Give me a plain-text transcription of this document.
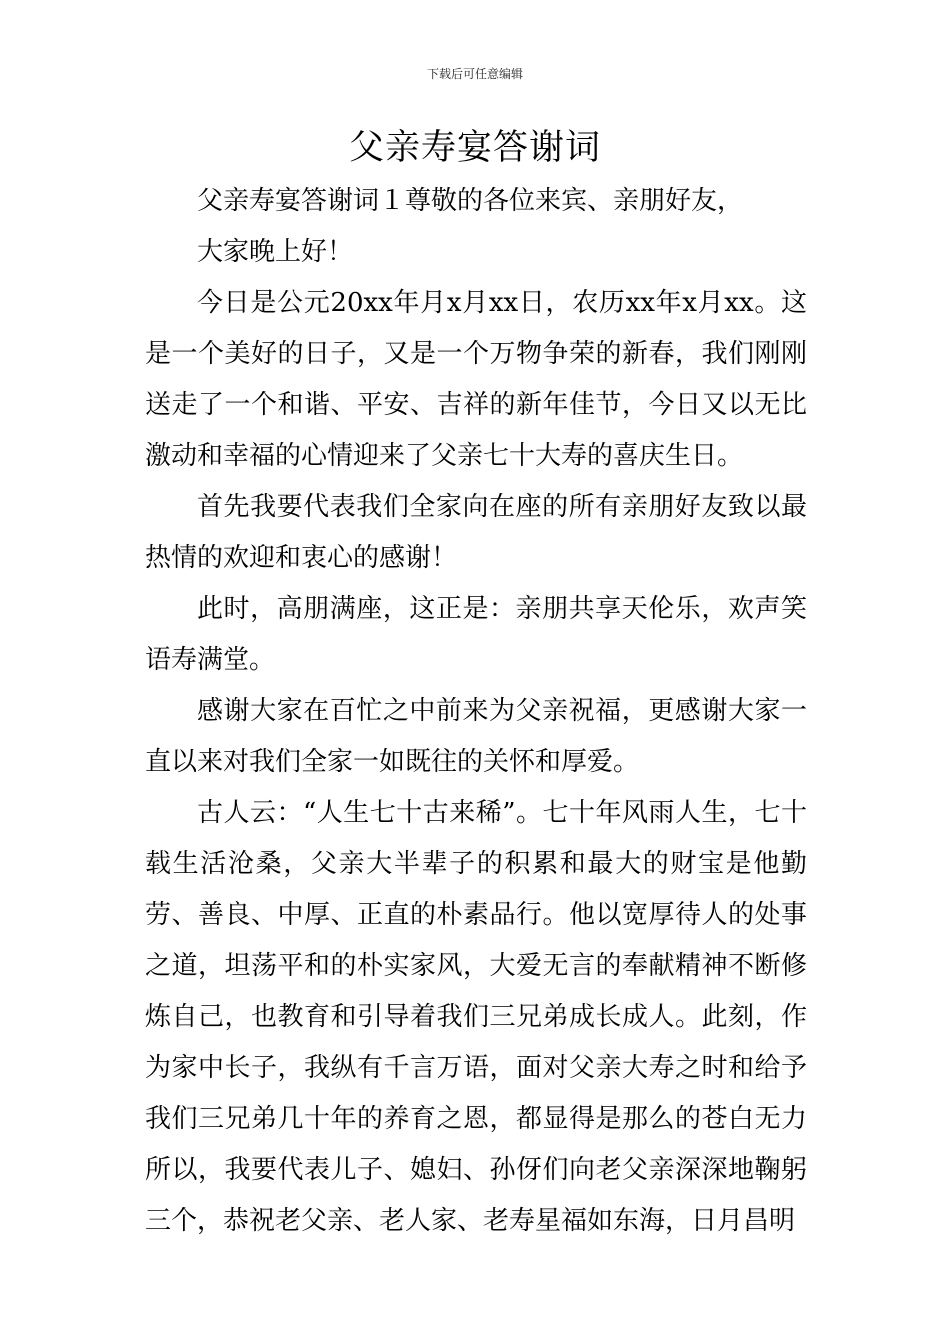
下载后可任意编辑
父亲寿宴答谢词

父亲寿宴答谢词１尊敬的各位来宾、亲朋好友，

大家晚上好！

今日是公元20xx年月x月xx日，农历xx年x月xx。这是一个美好的日子，又是一个万物争荣的新春，我们刚刚送走了一个和谐、平安、吉祥的新年佳节，今日又以无比激动和幸福的心情迎来了父亲七十大寿的喜庆生日。

首先我要代表我们全家向在座的所有亲朋好友致以最热情的欢迎和衷心的感谢！

此时，高朋满座，这正是：亲朋共享天伦乐，欢声笑语寿满堂。

感谢大家在百忙之中前来为父亲祝福，更感谢大家一直以来对我们全家一如既往的关怀和厚爱。

古人云：“人生七十古来稀”。七十年风雨人生，七十载生活沧桑，父亲大半辈子的积累和最大的财宝是他勤劳、善良、中厚、正直的朴素品行。他以宽厚待人的处事之道，坦荡平和的朴实家风，大爱无言的奉献精神不断修炼自己，也教育和引导着我们三兄弟成长成人。此刻，作为家中长子，我纵有千言万语，面对父亲大寿之时和给予我们三兄弟几十年的养育之恩，都显得是那么的苍白无力所以，我要代表儿子、媳妇、孙伢们向老父亲深深地鞠躬三个，恭祝老父亲、老人家、老寿星福如东海，日月昌明
